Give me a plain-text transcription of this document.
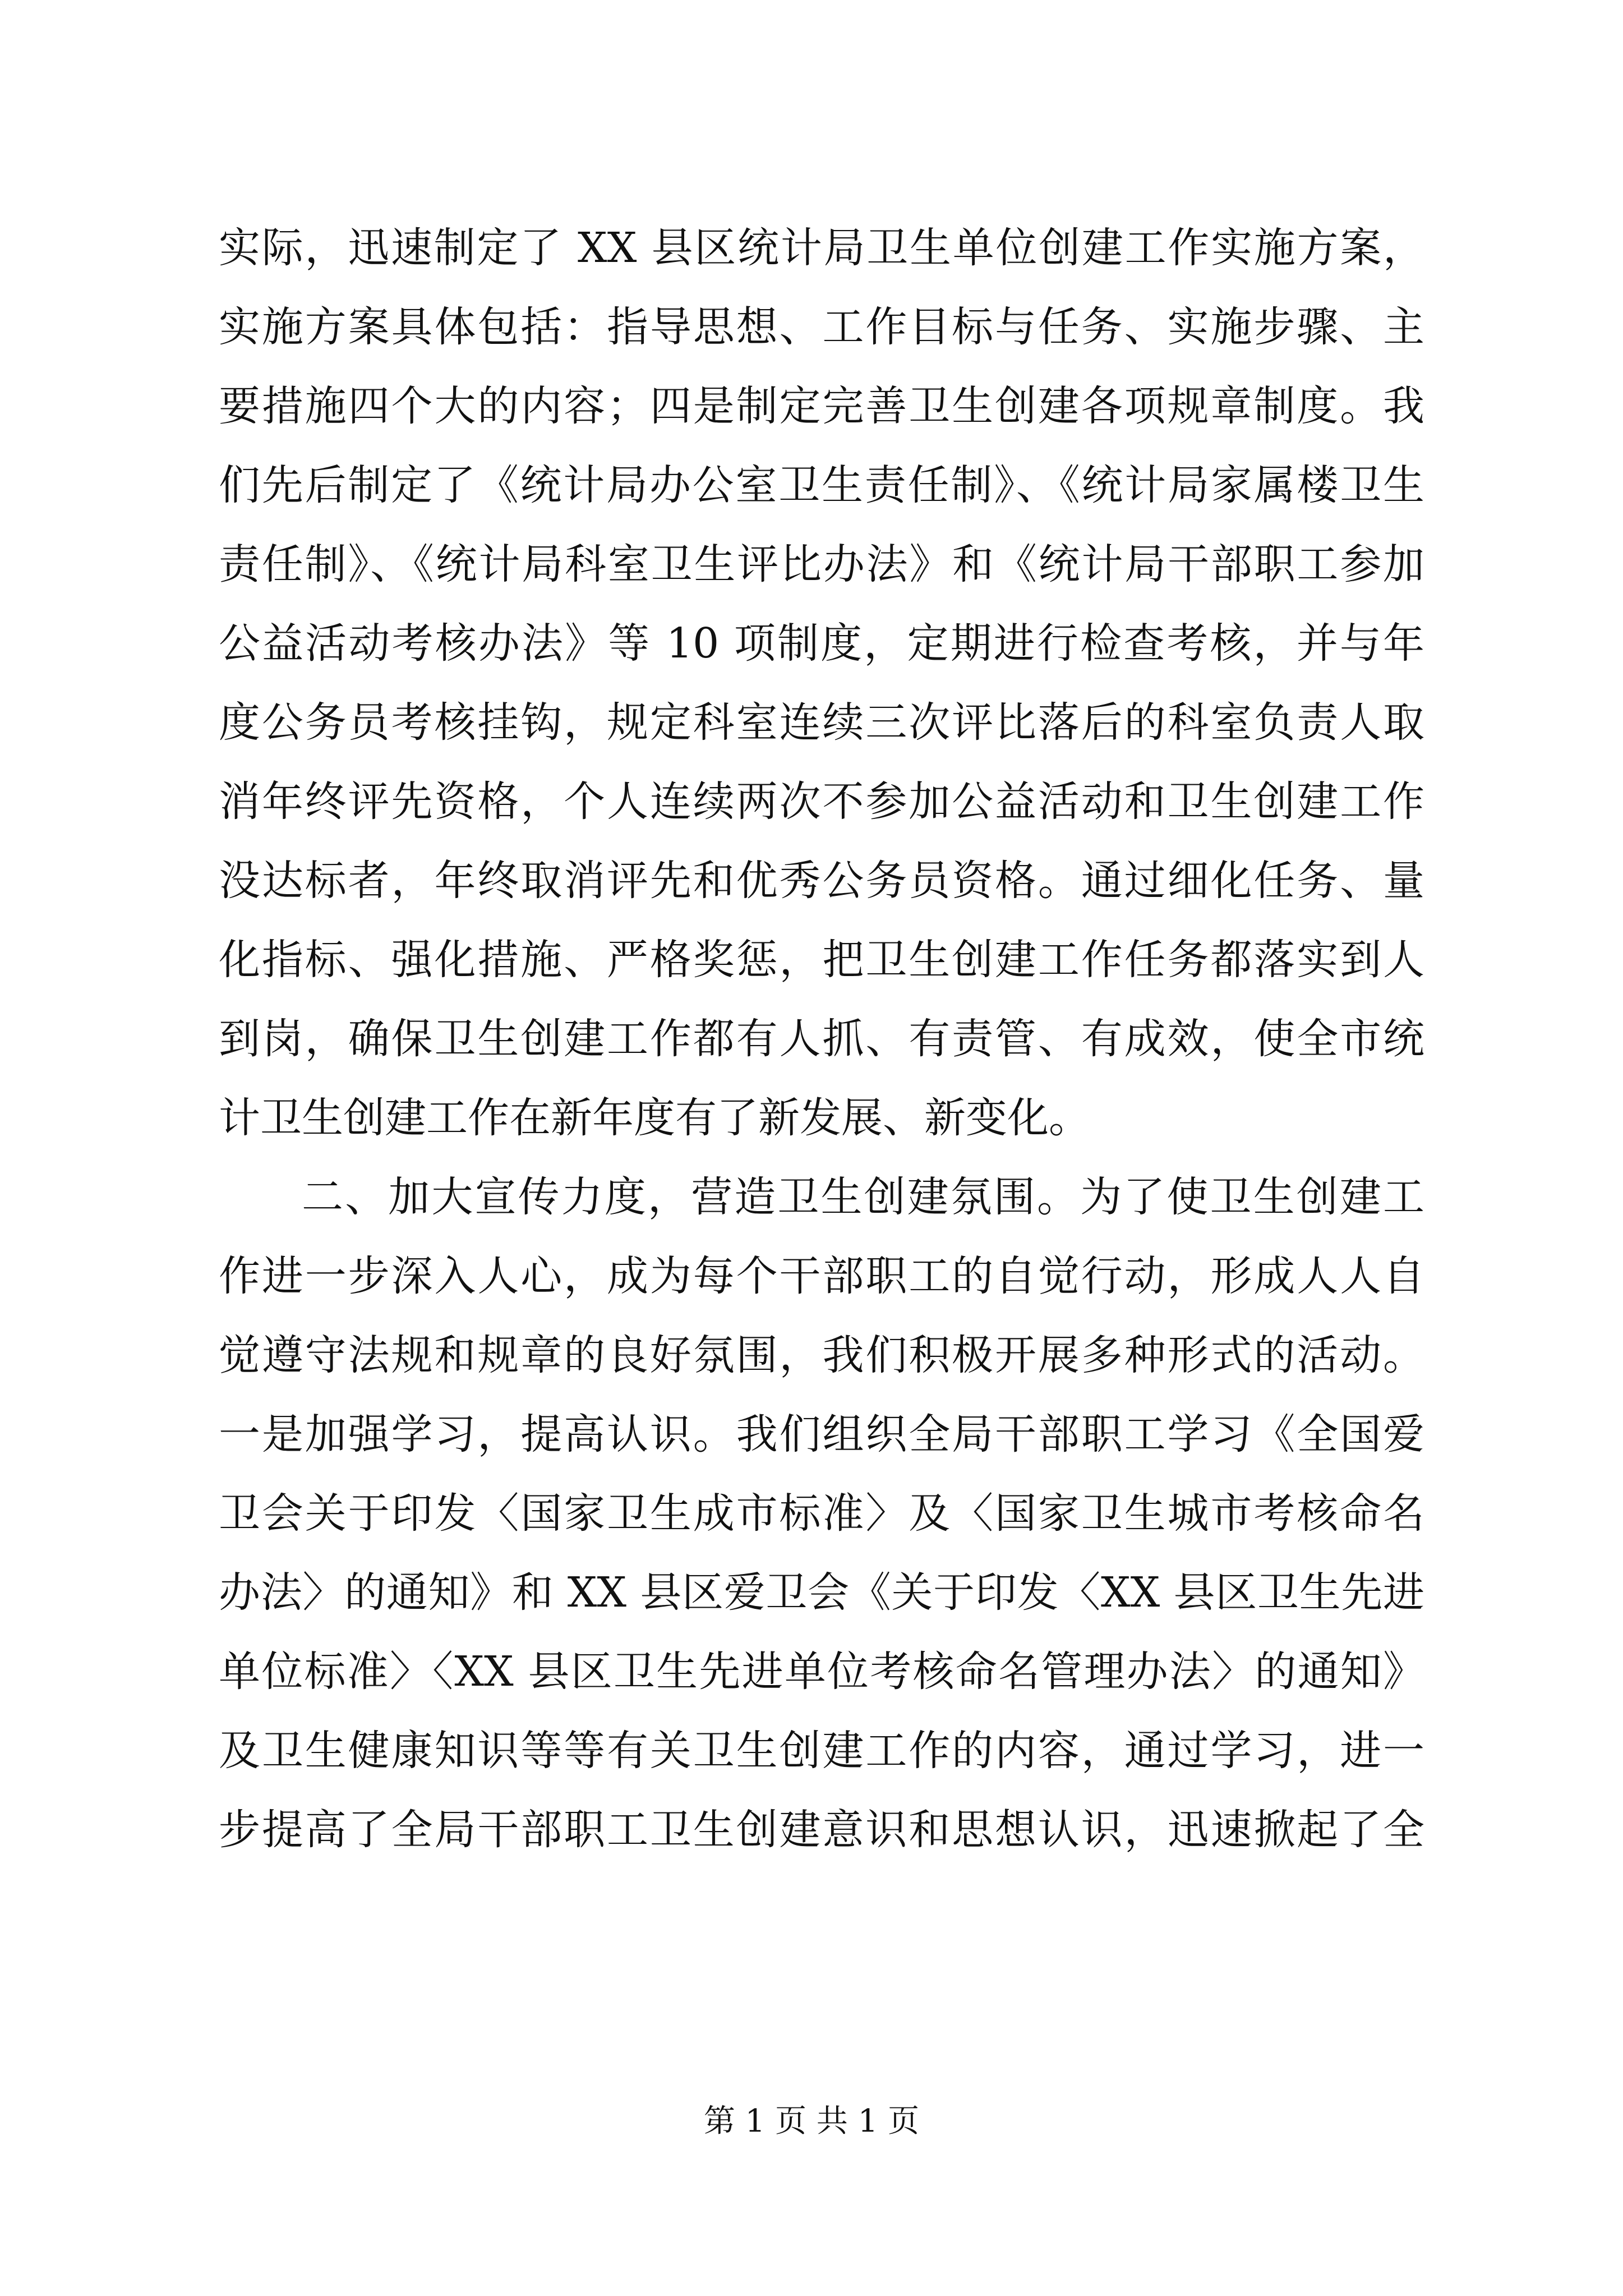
实际，迅速制定了 XX 县区统计局卫生单位创建工作实施方案，
实施方案具体包括：指导思想、工作目标与任务、实施步骤、主
要措施四个大的内容；四是制定完善卫生创建各项规章制度。我
们先后制定了《统计局办公室卫生责任制》、《统计局家属楼卫生
责任制》、《统计局科室卫生评比办法》和《统计局干部职工参加
公益活动考核办法》等 10 项制度，定期进行检查考核，并与年
度公务员考核挂钩，规定科室连续三次评比落后的科室负责人取
消年终评先资格，个人连续两次不参加公益活动和卫生创建工作
没达标者，年终取消评先和优秀公务员资格。通过细化任务、量
化指标、强化措施、严格奖惩，把卫生创建工作任务都落实到人
到岗，确保卫生创建工作都有人抓、有责管、有成效，使全市统
计卫生创建工作在新年度有了新发展、新变化。
二、加大宣传力度，营造卫生创建氛围。为了使卫生创建工
作进一步深入人心，成为每个干部职工的自觉行动，形成人人自
觉遵守法规和规章的良好氛围，我们积极开展多种形式的活动。
一是加强学习，提高认识。我们组织全局干部职工学习《全国爱
卫会关于印发〈国家卫生成市标准〉及〈国家卫生城市考核命名
办法〉的通知》和 XX 县区爱卫会《关于印发〈XX 县区卫生先进
单位标准〉〈XX 县区卫生先进单位考核命名管理办法〉的通知》
及卫生健康知识等等有关卫生创建工作的内容，通过学习，进一
步提高了全局干部职工卫生创建意识和思想认识，迅速掀起了全
第 1 页 共 1 页
